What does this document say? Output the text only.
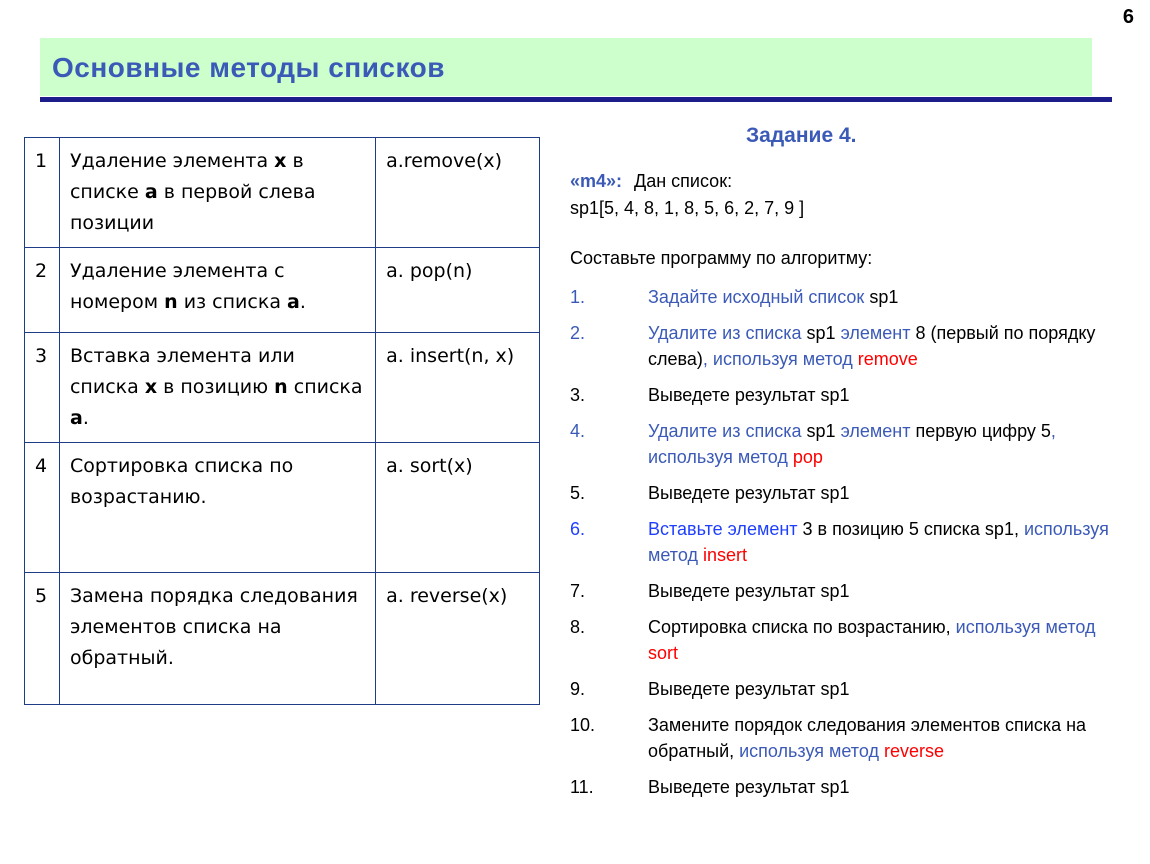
6
Основные методы списков
1	Удаление элемента x в списке a в первой слева позиции	a.remove(x)
2	Удаление элемента с номером n из списка a.	a. pop(n)
3	Вставка элемента или списка x в позицию n списка a.	a. insert(n, x)
4	Сортировка списка по возрастанию.	a. sort(x)
5	Замена порядка следования элементов списка на обратный.	a. reverse(x)
Задание 4.
«m4»: Дан список:
sp1[5, 4, 8, 1, 8, 5, 6, 2, 7, 9 ]
Составьте программу по алгоритму:
1.	Задайте исходный список sp1
2.	Удалите из списка sp1 элемент 8 (первый по порядку слева), используя метод remove
3.	Выведете результат sp1
4.	Удалите из списка sp1 элемент первую цифру 5, используя метод pop
5.	Выведете результат sp1
6.	Вставьте элемент 3 в позицию 5 списка sp1, используя метод insert
7.	Выведете результат sp1
8.	Сортировка списка по возрастанию, используя метод sort
9.	Выведете результат sp1
10.	Замените порядок следования элементов списка на обратный, используя метод reverse
11.	Выведете результат sp1
